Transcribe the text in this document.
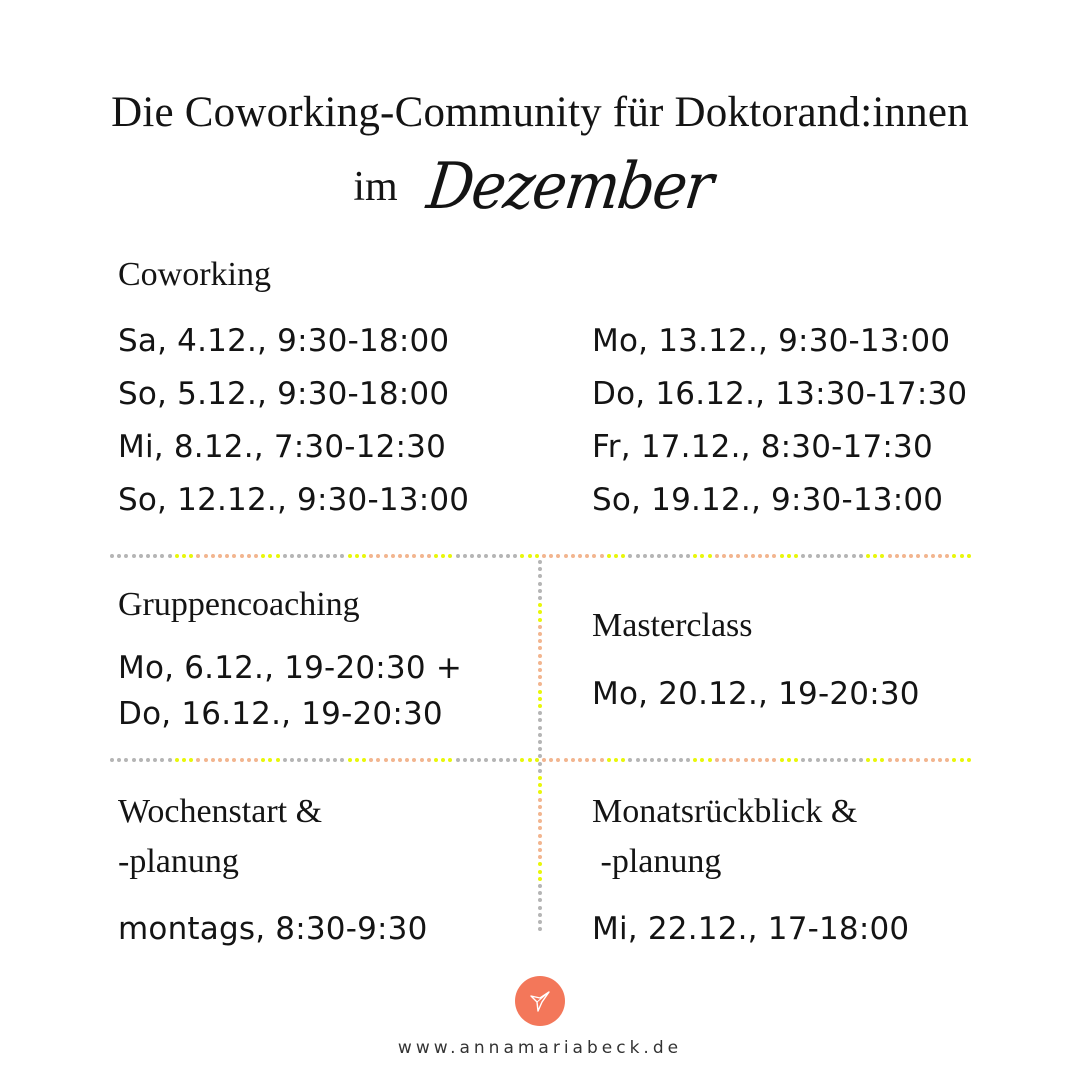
Die Coworking-Community für Doktorand:innen
im Dezember
Coworking
Sa, 4.12., 9:30-18:00
So, 5.12., 9:30-18:00
Mi, 8.12., 7:30-12:30
So, 12.12., 9:30-13:00
Mo, 13.12., 9:30-13:00
Do, 16.12., 13:30-17:30
Fr, 17.12., 8:30-17:30
So, 19.12., 9:30-13:00
Gruppencoaching
Mo, 6.12., 19-20:30 +
Do, 16.12., 19-20:30
Masterclass
Mo, 20.12., 19-20:30
Wochenstart &
-planung
montags, 8:30-9:30
Monatsrückblick &
-planung
Mi, 22.12., 17-18:00
www.annamariabeck.de
